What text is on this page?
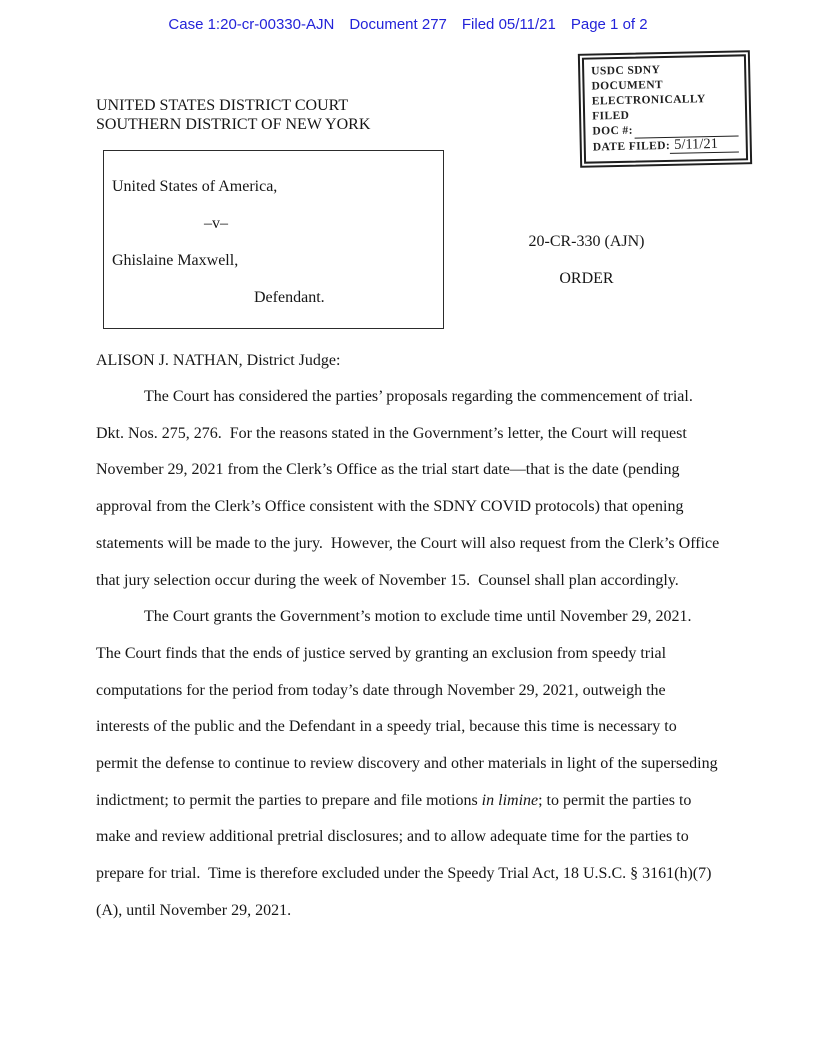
Case 1:20-cr-00330-AJN Document 277 Filed 05/11/21 Page 1 of 2
USDC SDNY
DOCUMENT
ELECTRONICALLY FILED
DOC #:
DATE FILED: 5/11/21
UNITED STATES DISTRICT COURT
SOUTHERN DISTRICT OF NEW YORK
United States of America,
–v–
Ghislaine Maxwell,
Defendant.
20-CR-330 (AJN)
ORDER
ALISON J. NATHAN, District Judge:

The Court has considered the parties’ proposals regarding the commencement of trial.  Dkt. Nos. 275, 276.  For the reasons stated in the Government’s letter, the Court will request November 29, 2021 from the Clerk’s Office as the trial start date—that is the date (pending approval from the Clerk’s Office consistent with the SDNY COVID protocols) that opening statements will be made to the jury.  However, the Court will also request from the Clerk’s Office that jury selection occur during the week of November 15.  Counsel shall plan accordingly.

The Court grants the Government’s motion to exclude time until November 29, 2021.  The Court finds that the ends of justice served by granting an exclusion from speedy trial computations for the period from today’s date through November 29, 2021, outweigh the interests of the public and the Defendant in a speedy trial, because this time is necessary to permit the defense to continue to review discovery and other materials in light of the superseding indictment; to permit the parties to prepare and file motions in limine; to permit the parties to make and review additional pretrial disclosures; and to allow adequate time for the parties to prepare for trial.  Time is therefore excluded under the Speedy Trial Act, 18 U.S.C. § 3161(h)(7)(A), until November 29, 2021.
